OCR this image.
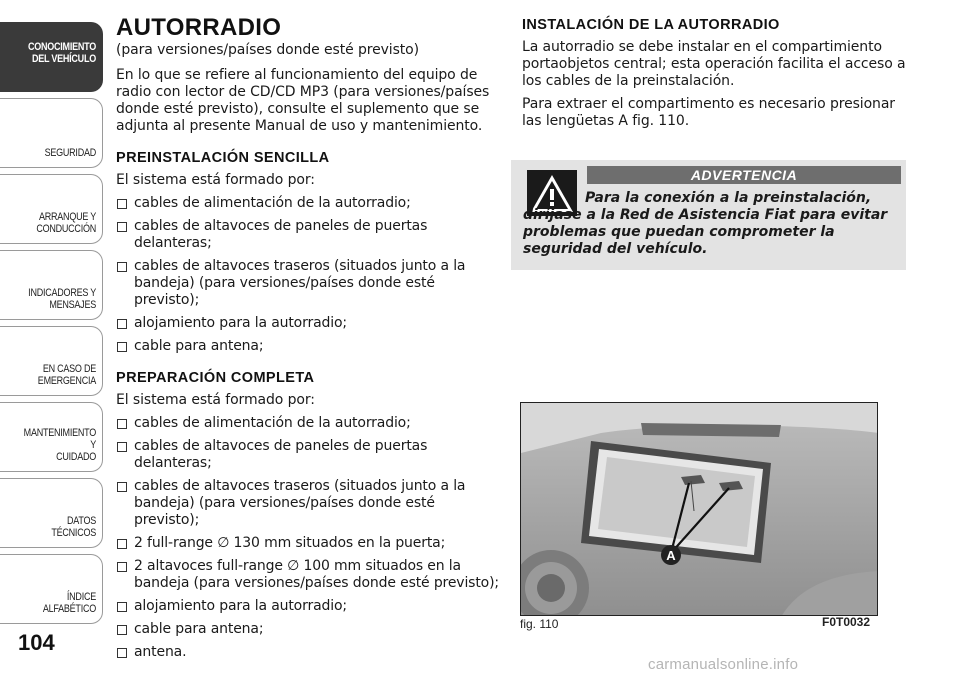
CONOCIMIENTO
DEL VEHÍCULO
SEGURIDAD
ARRANQUE Y
CONDUCCIÓN
INDICADORES Y
MENSAJES
EN CASO DE
EMERGENCIA
MANTENIMIENTO Y
CUIDADO
DATOS TÉCNICOS
ÍNDICE ALFABÉTICO
104
AUTORRADIO

(para versiones/países donde esté previsto)

En lo que se refiere al funcionamiento del equipo de radio con lector de CD/CD MP3 (para versiones/países donde esté previsto), consulte el suplemento que se adjunta al presente Manual de uso y mantenimiento.

PREINSTALACIÓN SENCILLA

El sistema está formado por:

cables de alimentación de la autorradio;
cables de altavoces de paneles de puertas delanteras;
cables de altavoces traseros (situados junto a la bandeja) (para versiones/países donde esté previsto);
alojamiento para la autorradio;
cable para antena;
PREPARACIÓN COMPLETA

El sistema está formado por:

cables de alimentación de la autorradio;
cables de altavoces de paneles de puertas delanteras;
cables de altavoces traseros (situados junto a la bandeja) (para versiones/países donde esté previsto);
2 full-range ∅ 130 mm situados en la puerta;
2 altavoces full-range ∅ 100 mm situados en la bandeja (para versiones/países donde esté previsto);
alojamiento para la autorradio;
cable para antena;
antena.
INSTALACIÓN DE LA AUTORRADIO

La autorradio se debe instalar en el compartimiento portaobjetos central; esta operación facilita el acceso a los cables de la preinstalación.

Para extraer el compartimento es necesario presionar las lengüetas A fig. 110.

ADVERTENCIA
Para la conexión a la preinstalación, diríjase a la Red de Asistencia Fiat para evitar problemas que puedan comprometer la seguridad del vehículo.
A
fig. 110	F0T0032
carmanualsonline.info
